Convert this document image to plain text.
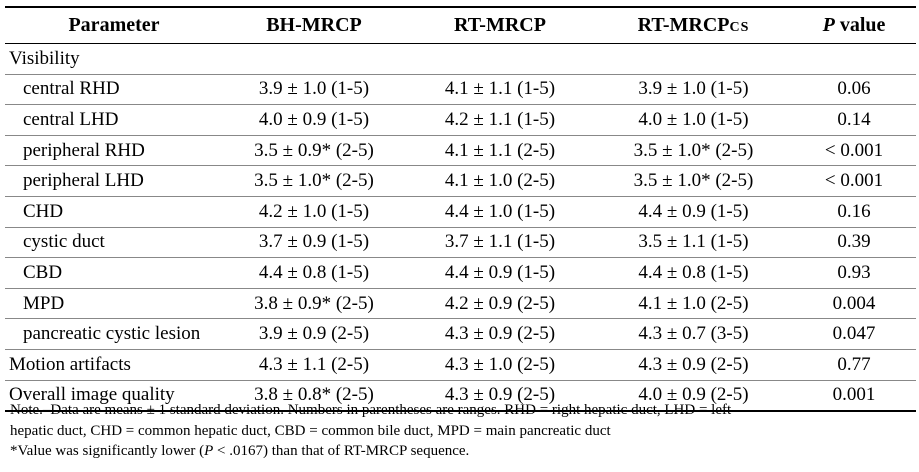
Parameter	BH-MRCP	RT-MRCP	RT-MRCPCS	P value
Visibility				
central RHD	3.9 ± 1.0 (1-5)	4.1 ± 1.1 (1-5)	3.9 ± 1.0 (1-5)	0.06
central LHD	4.0 ± 0.9 (1-5)	4.2 ± 1.1 (1-5)	4.0 ± 1.0 (1-5)	0.14
peripheral RHD	3.5 ± 0.9* (2-5)	4.1 ± 1.1 (2-5)	3.5 ± 1.0* (2-5)	< 0.001
peripheral LHD	3.5 ± 1.0* (2-5)	4.1 ± 1.0 (2-5)	3.5 ± 1.0* (2-5)	< 0.001
CHD	4.2 ± 1.0 (1-5)	4.4 ± 1.0 (1-5)	4.4 ± 0.9 (1-5)	0.16
cystic duct	3.7 ± 0.9 (1-5)	3.7 ± 1.1 (1-5)	3.5 ± 1.1 (1-5)	0.39
CBD	4.4 ± 0.8 (1-5)	4.4 ± 0.9 (1-5)	4.4 ± 0.8 (1-5)	0.93
MPD	3.8 ± 0.9* (2-5)	4.2 ± 0.9 (2-5)	4.1 ± 1.0 (2-5)	0.004
pancreatic cystic lesion	3.9 ± 0.9 (2-5)	4.3 ± 0.9 (2-5)	4.3 ± 0.7 (3-5)	0.047
Motion artifacts	4.3 ± 1.1 (2-5)	4.3 ± 1.0 (2-5)	4.3 ± 0.9 (2-5)	0.77
Overall image quality	3.8 ± 0.8* (2-5)	4.3 ± 0.9 (2-5)	4.0 ± 0.9 (2-5)	0.001
Note.–Data are means ± 1 standard deviation. Numbers in parentheses are ranges. RHD = right hepatic duct, LHD = left
hepatic duct, CHD = common hepatic duct, CBD = common bile duct, MPD = main pancreatic duct
*Value was significantly lower (P < .0167) than that of RT-MRCP sequence.
